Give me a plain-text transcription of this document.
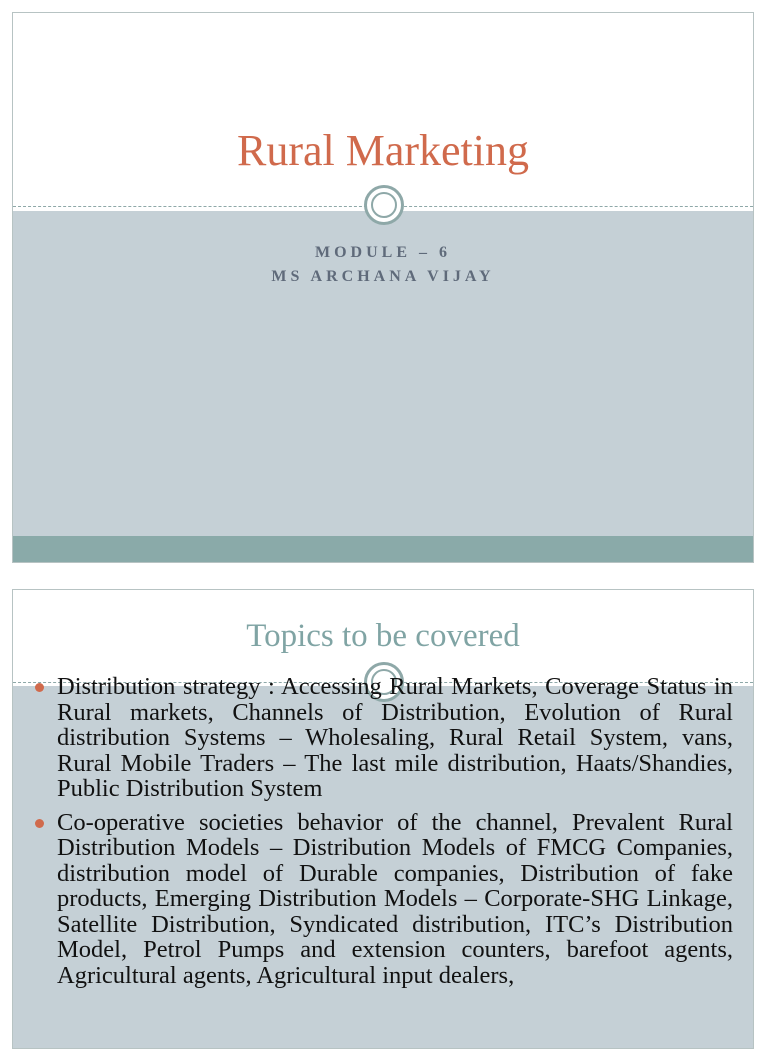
Rural Marketing
MODULE – 6
MS ARCHANA VIJAY
Topics to be covered
Distribution strategy : Accessing Rural Markets, Coverage Status in Rural markets, Channels of Distribution, Evolution of Rural distribution Systems – Wholesaling, Rural Retail System, vans, Rural Mobile Traders – The last mile distribution, Haats/Shandies, Public Distribution System
Co-operative societies behavior of the channel, Prevalent Rural Distribution Models – Distribution Models of FMCG Companies, distribution model of Durable companies, Distribution of fake products, Emerging Distribution Models – Corporate-SHG Linkage, Satellite Distribution, Syndicated distribution, ITC’s Distribution Model, Petrol Pumps and extension counters, barefoot agents, Agricultural agents, Agricultural input dealers,
